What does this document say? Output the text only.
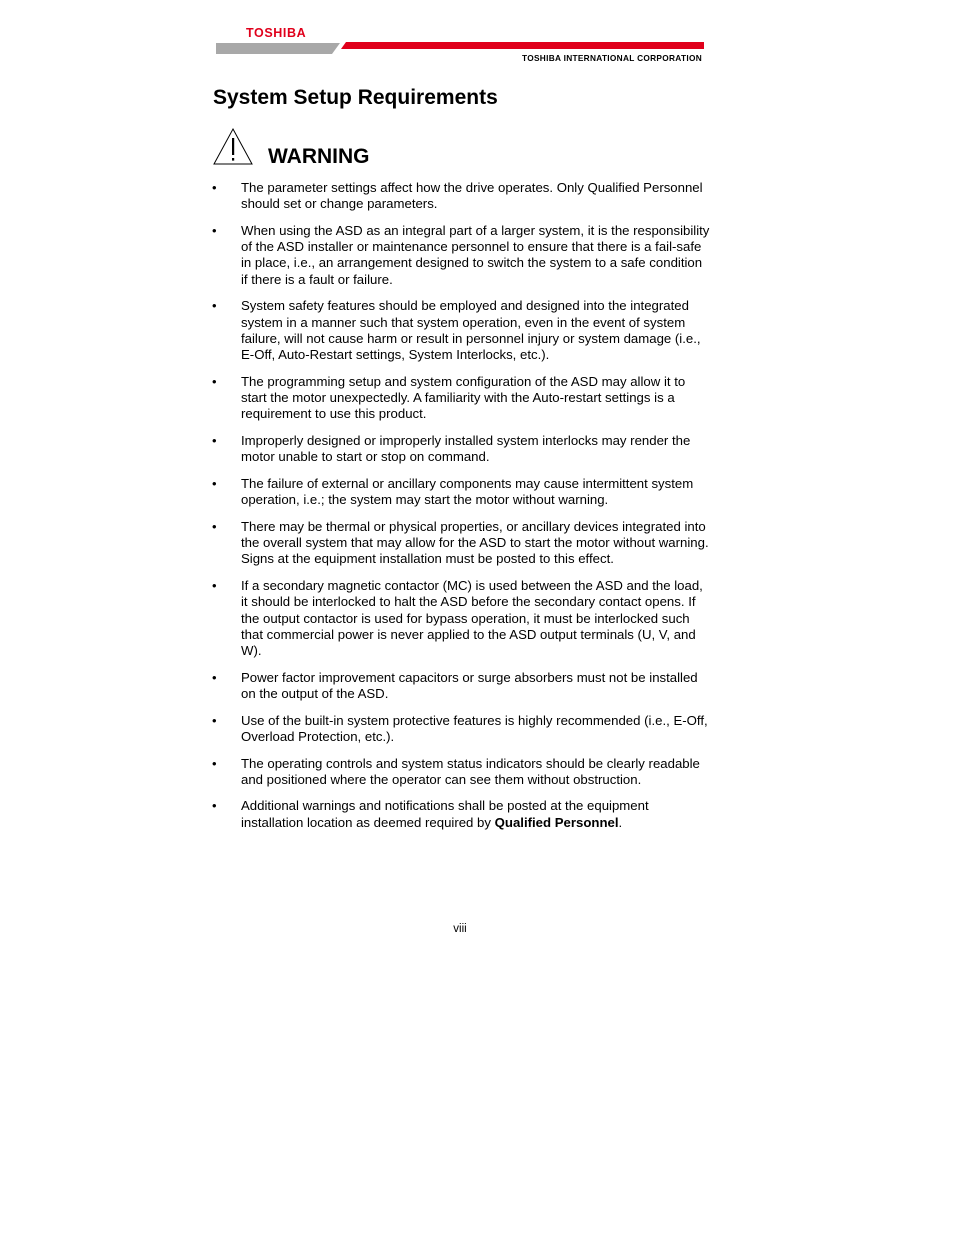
TOSHIBA
TOSHIBA INTERNATIONAL CORPORATION
System Setup Requirements
WARNING
• The parameter settings affect how the drive operates. Only Qualified Personnel should set or change parameters.
• When using the ASD as an integral part of a larger system, it is the responsibility of the ASD installer or maintenance personnel to ensure that there is a fail-safe in place, i.e., an arrangement designed to switch the system to a safe condition if there is a fault or failure.
• System safety features should be employed and designed into the integrated system in a manner such that system operation, even in the event of system failure, will not cause harm or result in personnel injury or system damage (i.e., E-Off, Auto-Restart settings, System Interlocks, etc.).
• The programming setup and system configuration of the ASD may allow it to start the motor unexpectedly. A familiarity with the Auto-restart settings is a requirement to use this product.
• Improperly designed or improperly installed system interlocks may render the motor unable to start or stop on command.
• The failure of external or ancillary components may cause intermittent system operation, i.e.; the system may start the motor without warning.
• There may be thermal or physical properties, or ancillary devices integrated into the overall system that may allow for the ASD to start the motor without warning. Signs at the equipment installation must be posted to this effect.
• If a secondary magnetic contactor (MC) is used between the ASD and the load, it should be interlocked to halt the ASD before the secondary contact opens. If the output contactor is used for bypass operation, it must be interlocked such that commercial power is never applied to the ASD output terminals (U, V, and W).
• Power factor improvement capacitors or surge absorbers must not be installed on the output of the ASD.
• Use of the built-in system protective features is highly recommended (i.e., E-Off, Overload Protection, etc.).
• The operating controls and system status indicators should be clearly readable and positioned where the operator can see them without obstruction.
• Additional warnings and notifications shall be posted at the equipment installation location as deemed required by Qualified Personnel.
viii
